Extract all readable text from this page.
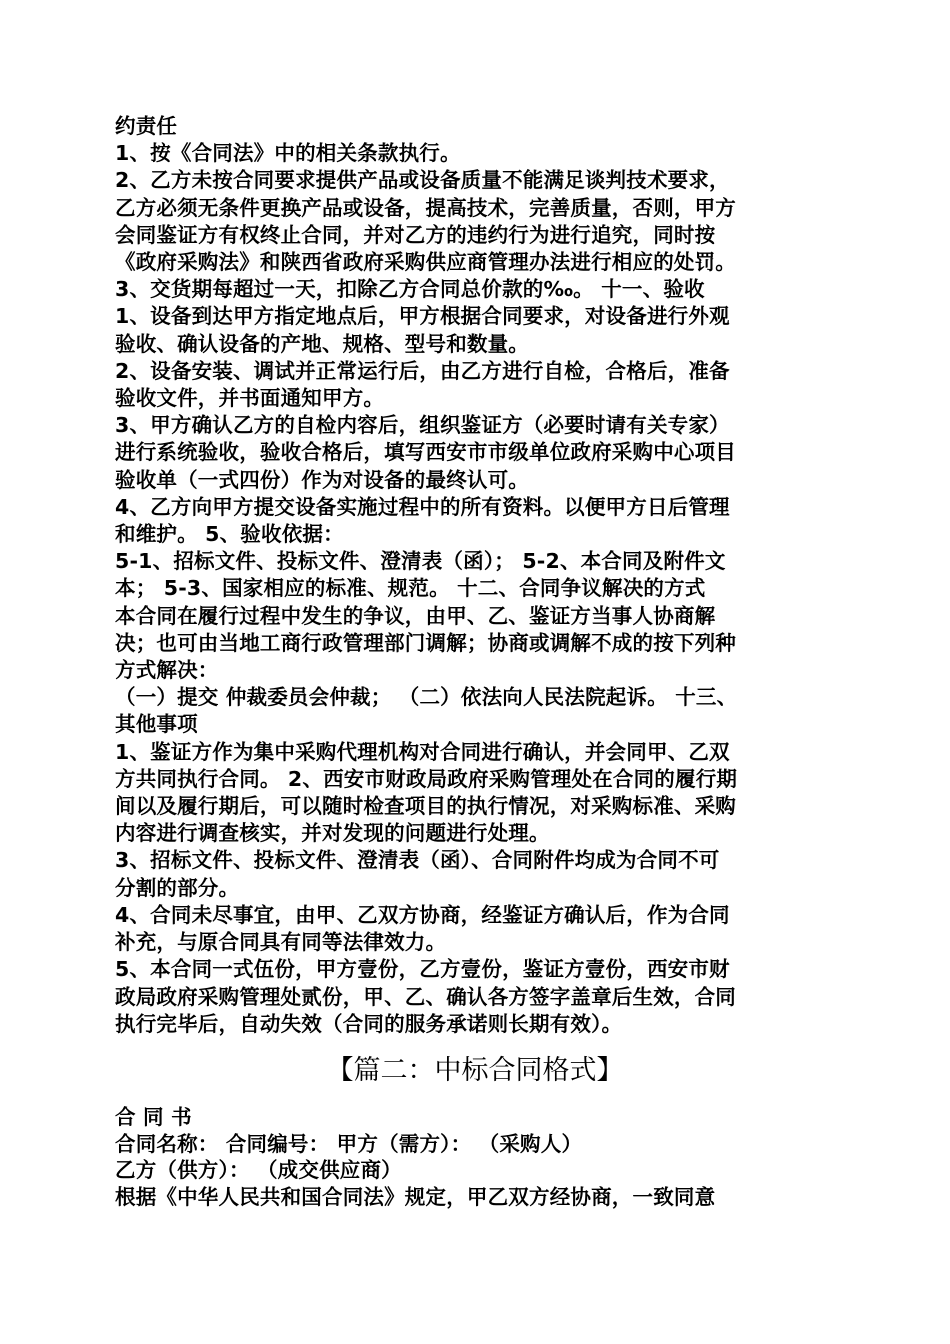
约责任
1、按《合同法》中的相关条款执行。
2、乙方未按合同要求提供产品或设备质量不能满足谈判技术要求，
乙方必须无条件更换产品或设备，提高技术，完善质量，否则，甲方
会同鉴证方有权终止合同，并对乙方的违约行为进行追究，同时按
《政府采购法》和陕西省政府采购供应商管理办法进行相应的处罚。
3、交货期每超过一天，扣除乙方合同总价款的‰。 十一、验收
1、设备到达甲方指定地点后，甲方根据合同要求，对设备进行外观
验收、确认设备的产地、规格、型号和数量。
2、设备安装、调试并正常运行后，由乙方进行自检，合格后，准备
验收文件，并书面通知甲方。
3、甲方确认乙方的自检内容后，组织鉴证方（必要时请有关专家）
进行系统验收，验收合格后，填写西安市市级单位政府采购中心项目
验收单（一式四份）作为对设备的最终认可。
4、乙方向甲方提交设备实施过程中的所有资料。以便甲方日后管理
和维护。 5、验收依据：
5-1、招标文件、投标文件、澄清表（函）； 5-2、本合同及附件文
本； 5-3、国家相应的标准、规范。 十二、合同争议解决的方式
本合同在履行过程中发生的争议，由甲、乙、鉴证方当事人协商解
决；也可由当地工商行政管理部门调解；协商或调解不成的按下列种
方式解决：
（一）提交 仲裁委员会仲裁； （二）依法向人民法院起诉。 十三、
其他事项
1、鉴证方作为集中采购代理机构对合同进行确认，并会同甲、乙双
方共同执行合同。 2、西安市财政局政府采购管理处在合同的履行期
间以及履行期后，可以随时检查项目的执行情况，对采购标准、采购
内容进行调查核实，并对发现的问题进行处理。
3、招标文件、投标文件、澄清表（函）、合同附件均成为合同不可
分割的部分。
4、合同未尽事宜，由甲、乙双方协商，经鉴证方确认后，作为合同
补充，与原合同具有同等法律效力。
5、本合同一式伍份，甲方壹份，乙方壹份，鉴证方壹份，西安市财
政局政府采购管理处贰份，甲、乙、确认各方签字盖章后生效，合同
执行完毕后，自动失效（合同的服务承诺则长期有效）。
【篇二：中标合同格式】
合 同 书
合同名称： 合同编号： 甲方（需方）： （采购人）
乙方（供方）： （成交供应商）
根据《中华人民共和国合同法》规定，甲乙双方经协商，一致同意
